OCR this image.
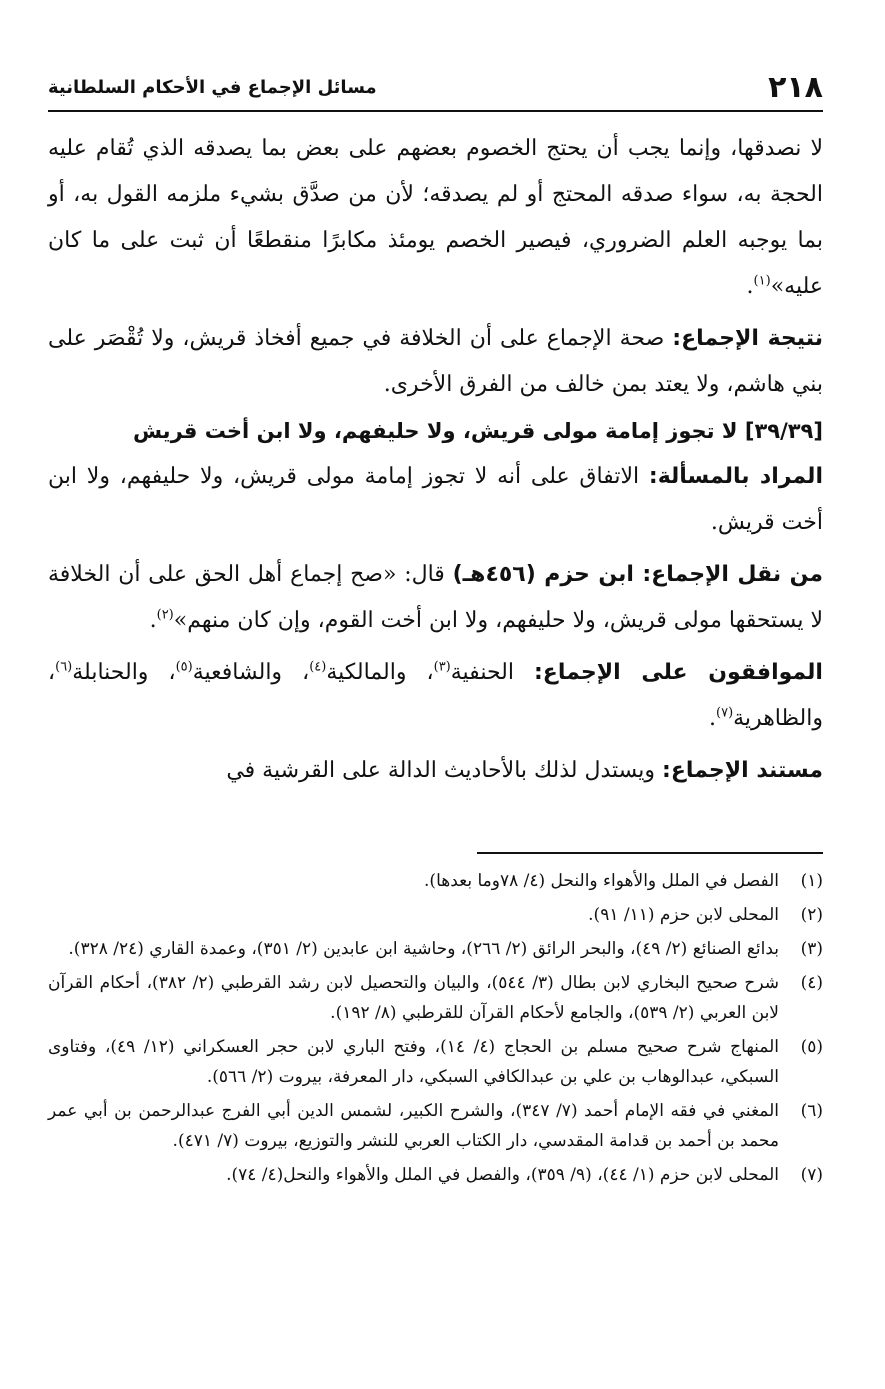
٢١٨
مسائل الإجماع في الأحكام السلطانية

لا نصدقها، وإنما يجب أن يحتج الخصوم بعضهم على بعض بما يصدقه الذي تُقام عليه الحجة به، سواء صدقه المحتج أو لم يصدقه؛ لأن من صدَّق بشيء ملزمه القول به، أو بما يوجبه العلم الضروري، فيصير الخصم يومئذ مكابرًا منقطعًا أن ثبت على ما كان عليه»$^{(١)}$.

نتيجة الإجماع: صحة الإجماع على أن الخلافة في جميع أفخاذ قريش، ولا تُقْصَر على بني هاشم، ولا يعتد بمن خالف من الفرق الأخرى.

[٣٩/٣٩] لا تجوز إمامة مولى قريش، ولا حليفهم، ولا ابن أخت قريش

المراد بالمسألة: الاتفاق على أنه لا تجوز إمامة مولى قريش، ولا حليفهم، ولا ابن أخت قريش.

من نقل الإجماع: ابن حزم (٤٥٦هـ) قال: «صح إجماع أهل الحق على أن الخلافة لا يستحقها مولى قريش، ولا حليفهم، ولا ابن أخت القوم، وإن كان منهم»$^{(٢)}$.

الموافقون على الإجماع: الحنفية$^{(٣)}$، والمالكية$^{(٤)}$، والشافعية$^{(٥)}$، والحنابلة$^{(٦)}$، والظاهرية$^{(٧)}$.

مستند الإجماع: ويستدل لذلك بالأحاديث الدالة على القرشية في

(١)
الفصل في الملل والأهواء والنحل (٤/ ٧٨وما بعدها).
(٢)
المحلى لابن حزم (١١/ ٩١).
(٣)
بدائع الصنائع (٢/ ٤٩)، والبحر الرائق (٢/ ٢٦٦)، وحاشية ابن عابدين (٢/ ٣٥١)، وعمدة القاري (٢٤/ ٣٢٨).
(٤)
شرح صحيح البخاري لابن بطال (٣/ ٥٤٤)، والبيان والتحصيل لابن رشد القرطبي (٢/ ٣٨٢)، أحكام القرآن لابن العربي (٢/ ٥٣٩)، والجامع لأحكام القرآن للقرطبي (٨/ ١٩٢).
(٥)
المنهاج شرح صحيح مسلم بن الحجاج (٤/ ١٤)، وفتح الباري لابن حجر العسكراني (١٢/ ٤٩)، وفتاوى السبكي، عبدالوهاب بن علي بن عبدالكافي السبكي، دار المعرفة، بيروت (٢/ ٥٦٦).
(٦)
المغني في فقه الإمام أحمد (٧/ ٣٤٧)، والشرح الكبير، لشمس الدين أبي الفرج عبدالرحمن بن أبي عمر محمد بن أحمد بن قدامة المقدسي، دار الكتاب العربي للنشر والتوزيع، بيروت (٧/ ٤٧١).
(٧)
المحلى لابن حزم (١/ ٤٤)، (٩/ ٣٥٩)، والفصل في الملل والأهواء والنحل(٤/ ٧٤).
